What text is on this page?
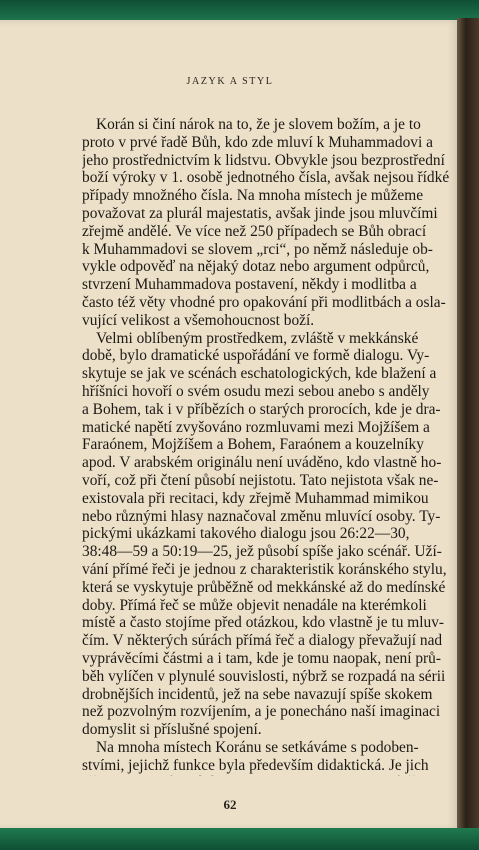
JAZYK A STYL
Korán si činí nárok na to, že je slovem božím, a je to
proto v prvé řadě Bůh, kdo zde mluví k Muhammadovi a
jeho prostřednictvím k lidstvu. Obvykle jsou bezprostřední
boží výroky v 1. osobě jednotného čísla, avšak nejsou řídké
případy množného čísla. Na mnoha místech je můžeme
považovat za plurál majestatis, avšak jinde jsou mluvčími
zřejmě andělé. Ve více než 250 případech se Bůh obrací
k Muhammadovi se slovem „rci“, po němž následuje ob-
vykle odpověď na nějaký dotaz nebo argument odpůrců,
stvrzení Muhammadova postavení, někdy i modlitba a
často též věty vhodné pro opakování při modlitbách a osla-
vující velikost a všemohoucnost boží.
Velmi oblíbeným prostředkem, zvláště v mekkánské
době, bylo dramatické uspořádání ve formě dialogu. Vy-
skytuje se jak ve scénách eschatologických, kde blažení a
hříšníci hovoří o svém osudu mezi sebou anebo s anděly
a Bohem, tak i v příbězích o starých prorocích, kde je dra-
matické napětí zvyšováno rozmluvami mezi Mojžíšem a
Faraónem, Mojžíšem a Bohem, Faraónem a kouzelníky
apod. V arabském originálu není uváděno, kdo vlastně ho-
voří, což při čtení působí nejistotu. Tato nejistota však ne-
existovala při recitaci, kdy zřejmě Muhammad mimikou
nebo různými hlasy naznačoval změnu mluvící osoby. Ty-
pickými ukázkami takového dialogu jsou 26:22—30,
38:48—59 a 50:19—25, jež působí spíše jako scénář. Uží-
vání přímé řeči je jednou z charakteristik koránského stylu,
která se vyskytuje průběžně od mekkánské až do medínské
doby. Přímá řeč se může objevit nenadále na kterémkoli
místě a často stojíme před otázkou, kdo vlastně je tu mluv-
čím. V některých súrách přímá řeč a dialogy převažují nad
vyprávěcími částmi a i tam, kde je tomu naopak, není prů-
běh vylíčen v plynulé souvislosti, nýbrž se rozpadá na sérii
drobnějších incidentů, jež na sebe navazují spíše skokem
než pozvolným rozvíjením, a je ponecháno naší imaginaci
domyslit si příslušné spojení.
Na mnoha místech Koránu se setkáváme s podoben-
stvími, jejichž funkce byla především didaktická. Je jich
62
